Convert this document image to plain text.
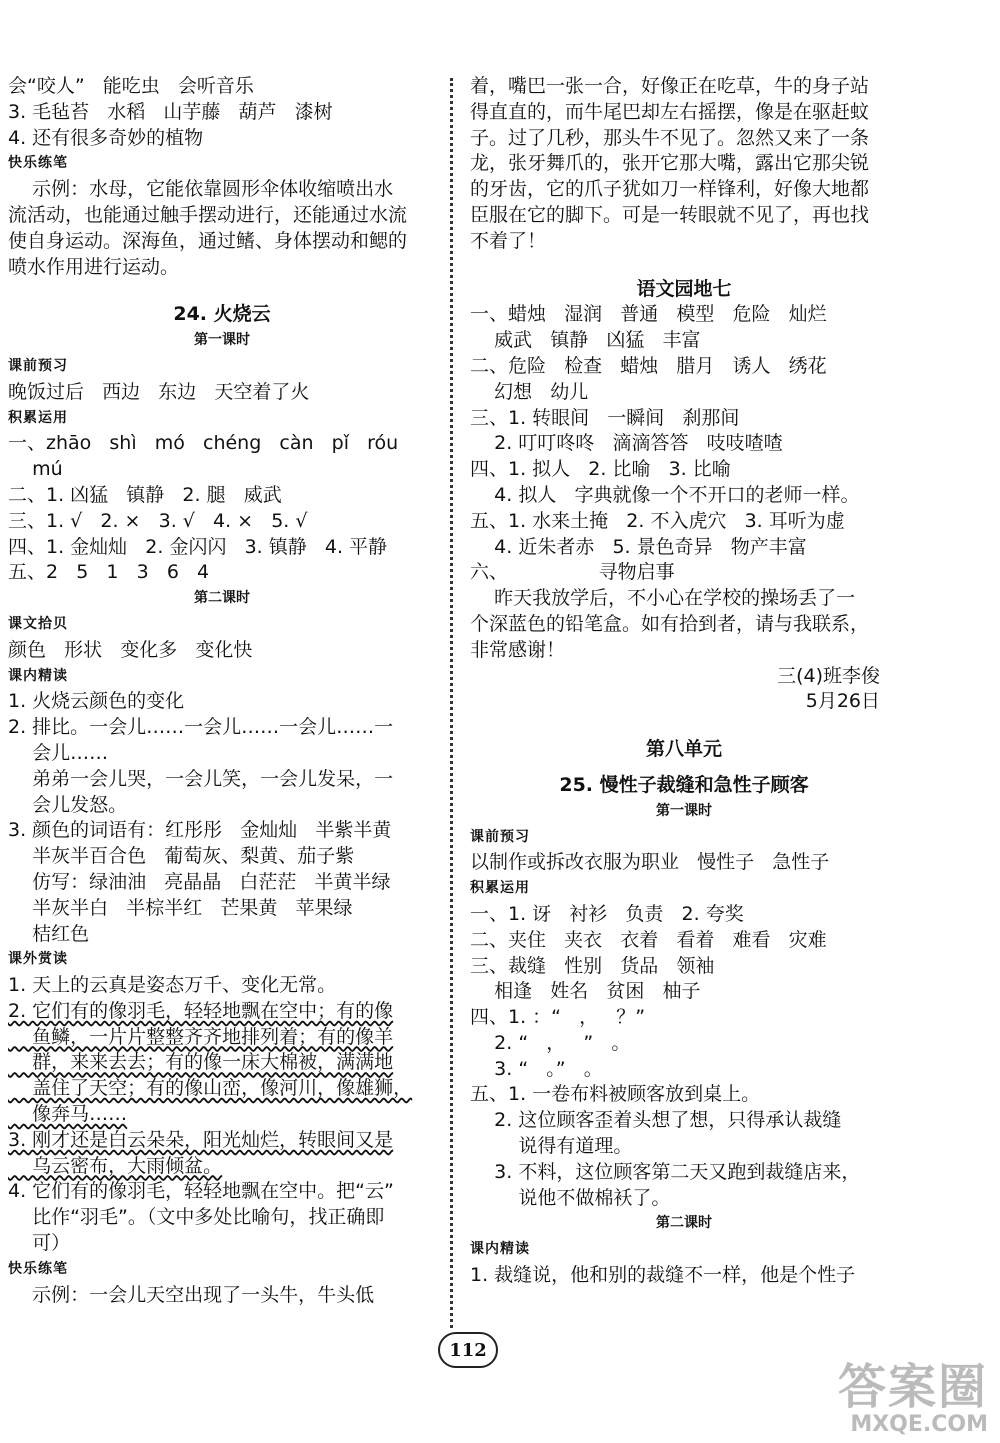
会“咬人”   能吃虫   会听音乐
3. 毛毡苔   水稻   山芋藤   葫芦   漆树
4. 还有很多奇妙的植物
快乐练笔
示例：水母，它能依靠圆形伞体收缩喷出水
流活动，也能通过触手摆动进行，还能通过水流
使自身运动。深海鱼，通过鳍、身体摆动和鳃的
喷水作用进行运动。
24. 火烧云
第一课时
课前预习
晚饭过后   西边   东边   天空着了火
积累运用
一、zhāo   shì   mó   chéng   càn   pǐ   róu
mú
二、1. 凶猛   镇静   2. 腿   威武
三、1. √   2. ×   3. √   4. ×   5. √
四、1. 金灿灿   2. 金闪闪   3. 镇静   4. 平静
五、2   5   1   3   6   4
第二课时
课文拾贝
颜色   形状   变化多   变化快
课内精读
1. 火烧云颜色的变化
2. 排比。一会儿……一会儿……一会儿……一
会儿……
弟弟一会儿哭，一会儿笑，一会儿发呆，一
会儿发怒。
3. 颜色的词语有：红彤彤   金灿灿   半紫半黄
半灰半百合色   葡萄灰、梨黄、茄子紫
仿写：绿油油   亮晶晶   白茫茫   半黄半绿
半灰半白   半棕半红   芒果黄   苹果绿
桔红色
课外赏读
1. 天上的云真是姿态万千、变化无常。
2. 它们有的像羽毛，轻轻地飘在空中；有的像
鱼鳞，一片片整整齐齐地排列着；有的像羊
群，来来去去；有的像一床大棉被，满满地
盖住了天空；有的像山峦，像河川，像雄狮，
像奔马……
3. 刚才还是白云朵朵，阳光灿烂，转眼间又是
乌云密布，大雨倾盆。
4. 它们有的像羽毛，轻轻地飘在空中。把“云”
比作“羽毛”。（文中多处比喻句，找正确即
可）
快乐练笔
示例：一会儿天空出现了一头牛，牛头低
着，嘴巴一张一合，好像正在吃草，牛的身子站
得直直的，而牛尾巴却左右摇摆，像是在驱赶蚊
子。过了几秒，那头牛不见了。忽然又来了一条
龙，张牙舞爪的，张开它那大嘴，露出它那尖锐
的牙齿，它的爪子犹如刀一样锋利，好像大地都
臣服在它的脚下。可是一转眼就不见了，再也找
不着了！
语文园地七
一、蜡烛   湿润   普通   模型   危险   灿烂
威武   镇静   凶猛   丰富
二、危险   检查   蜡烛   腊月   诱人   绣花
幻想   幼儿
三、1. 转眼间   一瞬间   刹那间
2. 叮叮咚咚   滴滴答答   吱吱喳喳
四、1. 拟人   2. 比喻   3. 比喻
4. 拟人   字典就像一个不开口的老师一样。
五、1. 水来土掩   2. 不入虎穴   3. 耳听为虚
4. 近朱者赤   5. 景色奇异   物产丰富
六、               寻物启事
昨天我放学后，不小心在学校的操场丢了一
个深蓝色的铅笔盒。如有拾到者，请与我联系，
非常感谢！
三(4)班李俊
5月26日
第八单元
25. 慢性子裁缝和急性子顾客
第一课时
课前预习
以制作或拆改衣服为职业   慢性子   急性子
积累运用
一、1. 讶   衬衫   负责   2. 夸奖
二、夹住   夹衣   衣着   看着   难看   灾难
三、裁缝   性别   货品   领袖
相逢   姓名   贫困   柚子
四、1. ：“   ，   ？”
2. “   ，   ”   。
3. “   。”   。
五、1. 一卷布料被顾客放到桌上。
2. 这位顾客歪着头想了想，只得承认裁缝
说得有道理。
3. 不料，这位顾客第二天又跑到裁缝店来，
说他不做棉袄了。
第二课时
课内精读
1. 裁缝说，他和别的裁缝不一样，他是个性子
112
答案圈
MXQE.COM
